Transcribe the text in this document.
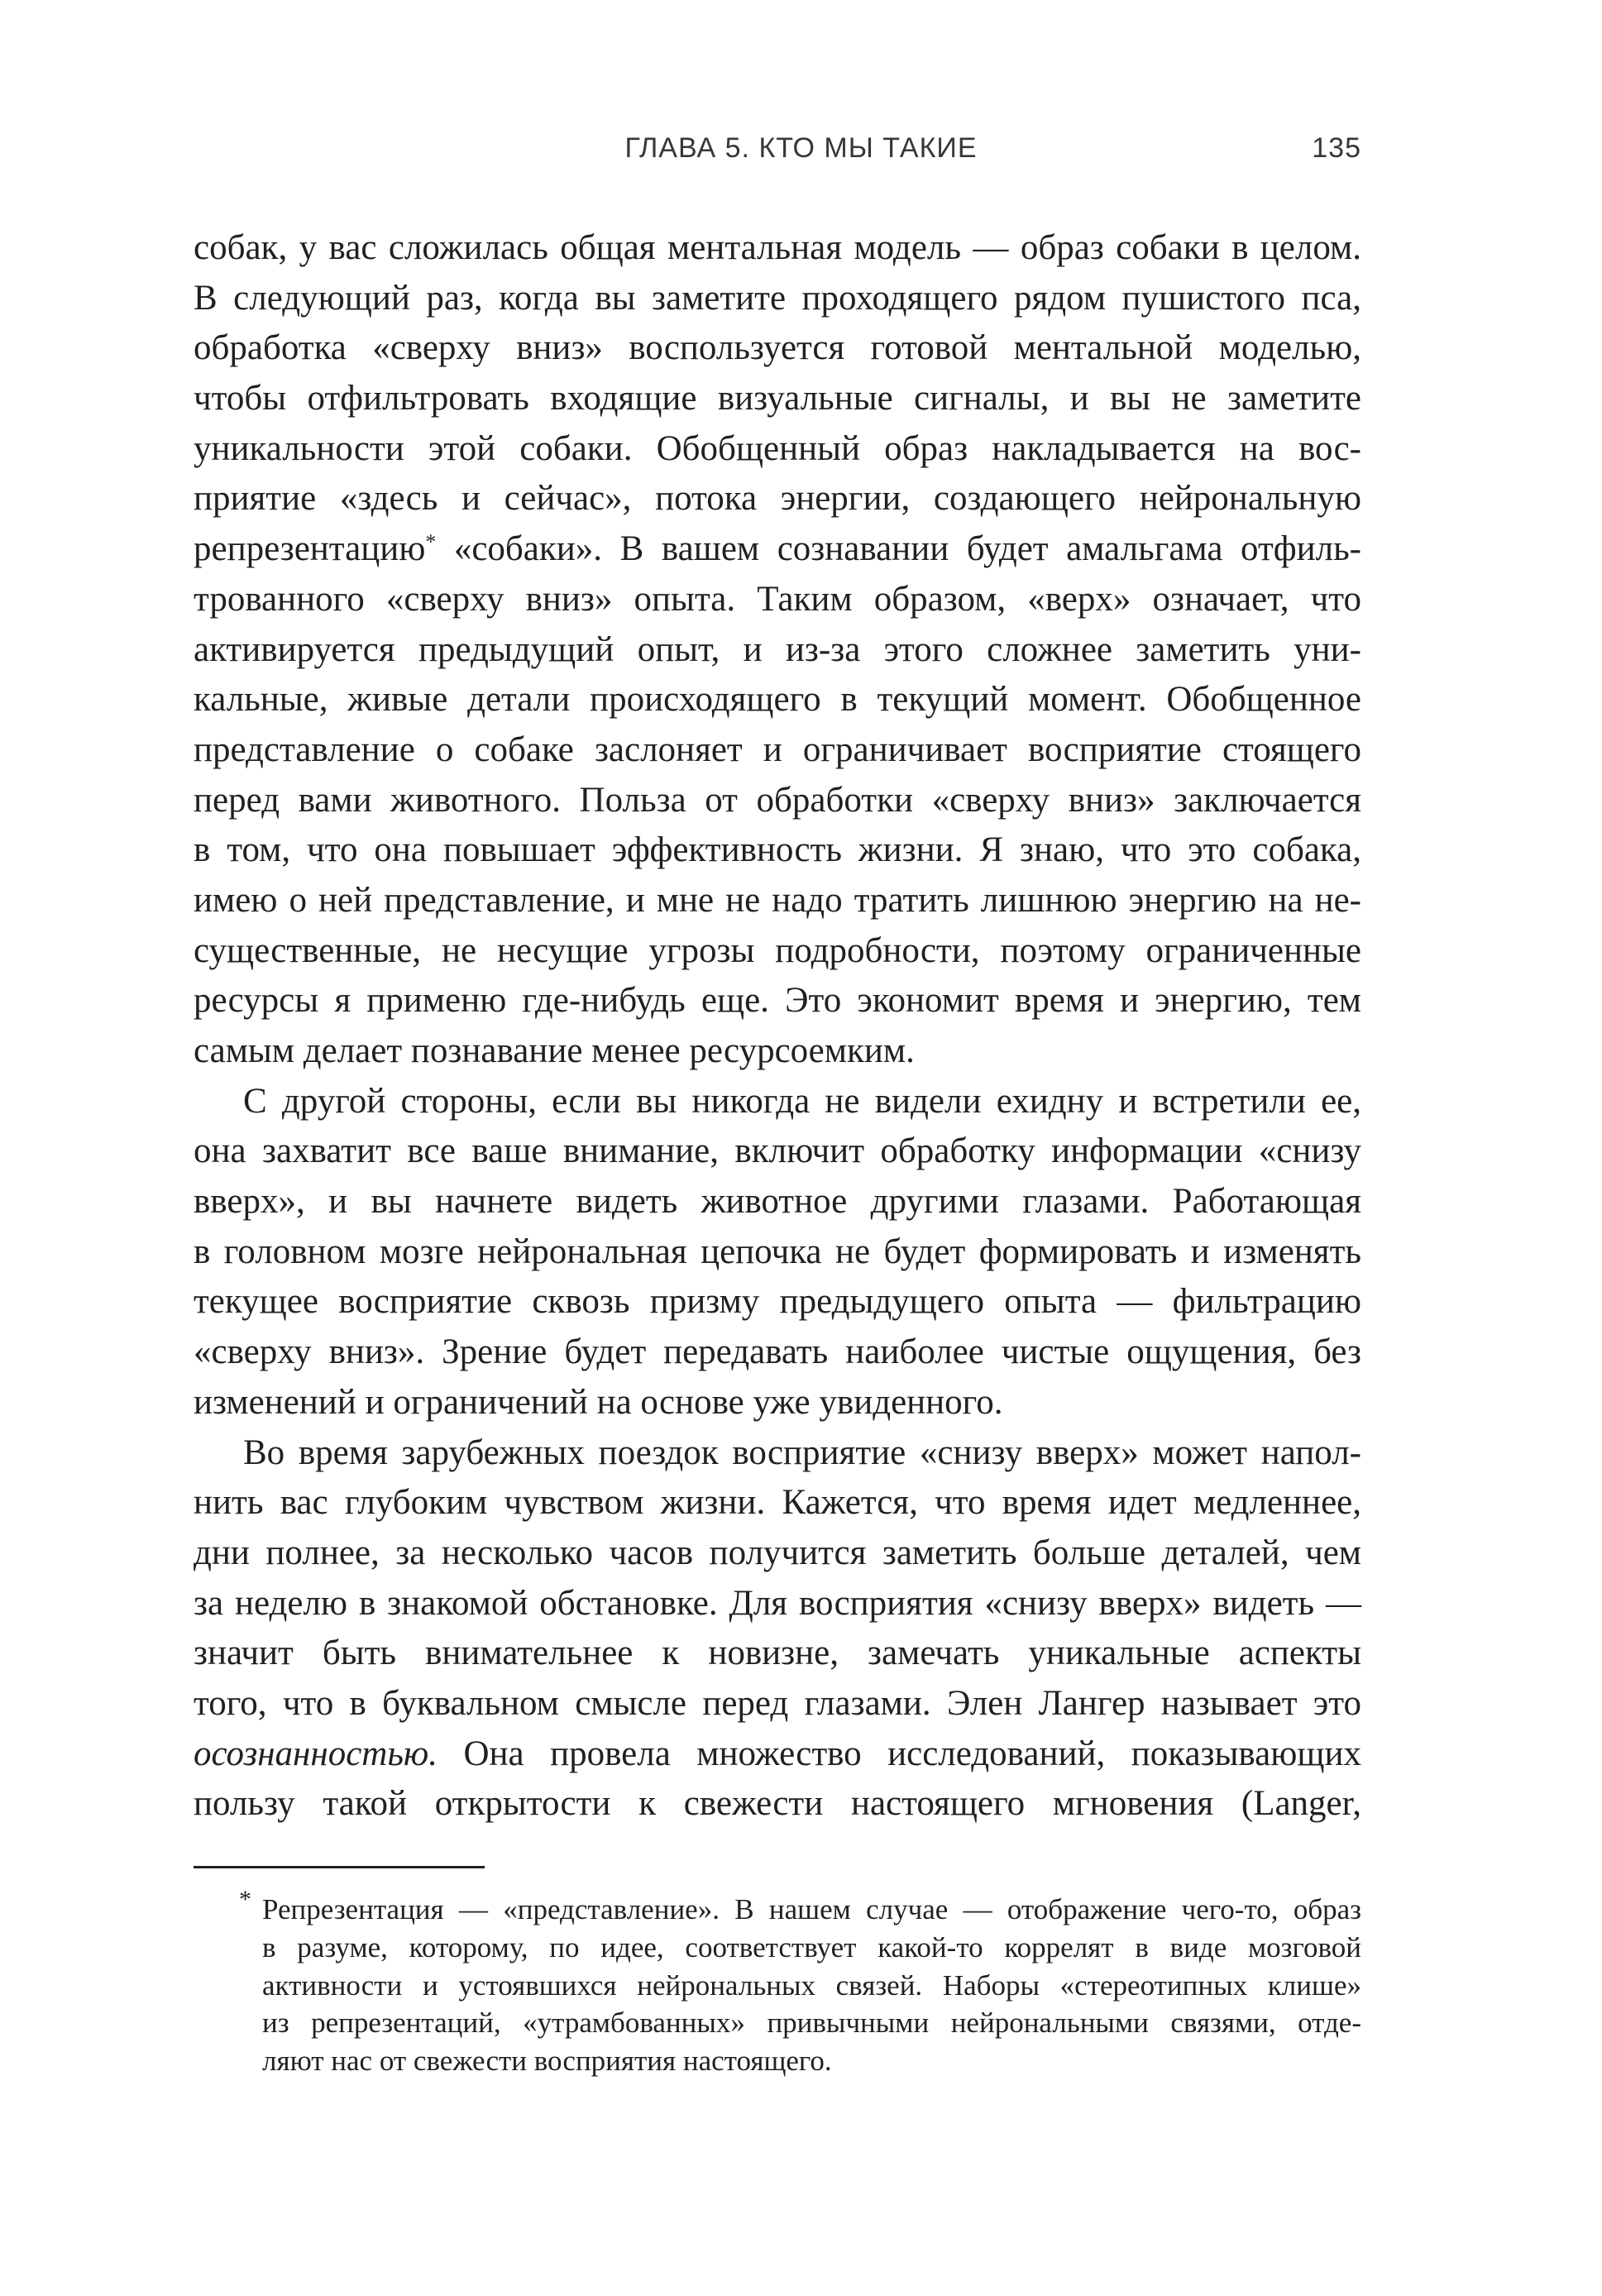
ГЛАВА 5. КТО МЫ ТАКИЕ	135
собак, у вас сложилась общая ментальная модель — образ собаки в целом.
В следующий раз, когда вы заметите проходящего рядом пушистого пса,
обработка «сверху вниз» воспользуется готовой ментальной моделью,
чтобы отфильтровать входящие визуальные сигналы, и вы не заметите
уникальности этой собаки. Обобщенный образ накладывается на вос-
приятие «здесь и сейчас», потока энергии, создающего нейрональную
репрезентацию* «собаки». В вашем сознавании будет амальгама отфиль-
трованного «сверху вниз» опыта. Таким образом, «верх» означает, что
активируется предыдущий опыт, и из-за этого сложнее заметить уни-
кальные, живые детали происходящего в текущий момент. Обобщенное
представление о собаке заслоняет и ограничивает восприятие стоящего
перед вами животного. Польза от обработки «сверху вниз» заключается
в том, что она повышает эффективность жизни. Я знаю, что это собака,
имею о ней представление, и мне не надо тратить лишнюю энергию на не-
существенные, не несущие угрозы подробности, поэтому ограниченные
ресурсы я применю где-нибудь еще. Это экономит время и энергию, тем
самым делает познавание менее ресурсоемким.
С другой стороны, если вы никогда не видели ехидну и встретили ее,
она захватит все ваше внимание, включит обработку информации «снизу
вверх», и вы начнете видеть животное другими глазами. Работающая
в головном мозге нейрональная цепочка не будет формировать и изменять
текущее восприятие сквозь призму предыдущего опыта — фильтрацию
«сверху вниз». Зрение будет передавать наиболее чистые ощущения, без
изменений и ограничений на основе уже увиденного.
Во время зарубежных поездок восприятие «снизу вверх» может напол-
нить вас глубоким чувством жизни. Кажется, что время идет медленнее,
дни полнее, за несколько часов получится заметить больше деталей, чем
за неделю в знакомой обстановке. Для восприятия «снизу вверх» видеть —
значит быть внимательнее к новизне, замечать уникальные аспекты
того, что в буквальном смысле перед глазами. Элен Лангер называет это
осознанностью. Она провела множество исследований, показывающих
пользу такой открытости к свежести настоящего мгновения (Langer,
* Репрезентация — «представление». В нашем случае — отображение чего-то, образ
в разуме, которому, по идее, соответствует какой-то коррелят в виде мозговой
активности и устоявшихся нейрональных связей. Наборы «стереотипных клише»
из репрезентаций, «утрамбованных» привычными нейрональными связями, отде-
ляют нас от свежести восприятия настоящего.
